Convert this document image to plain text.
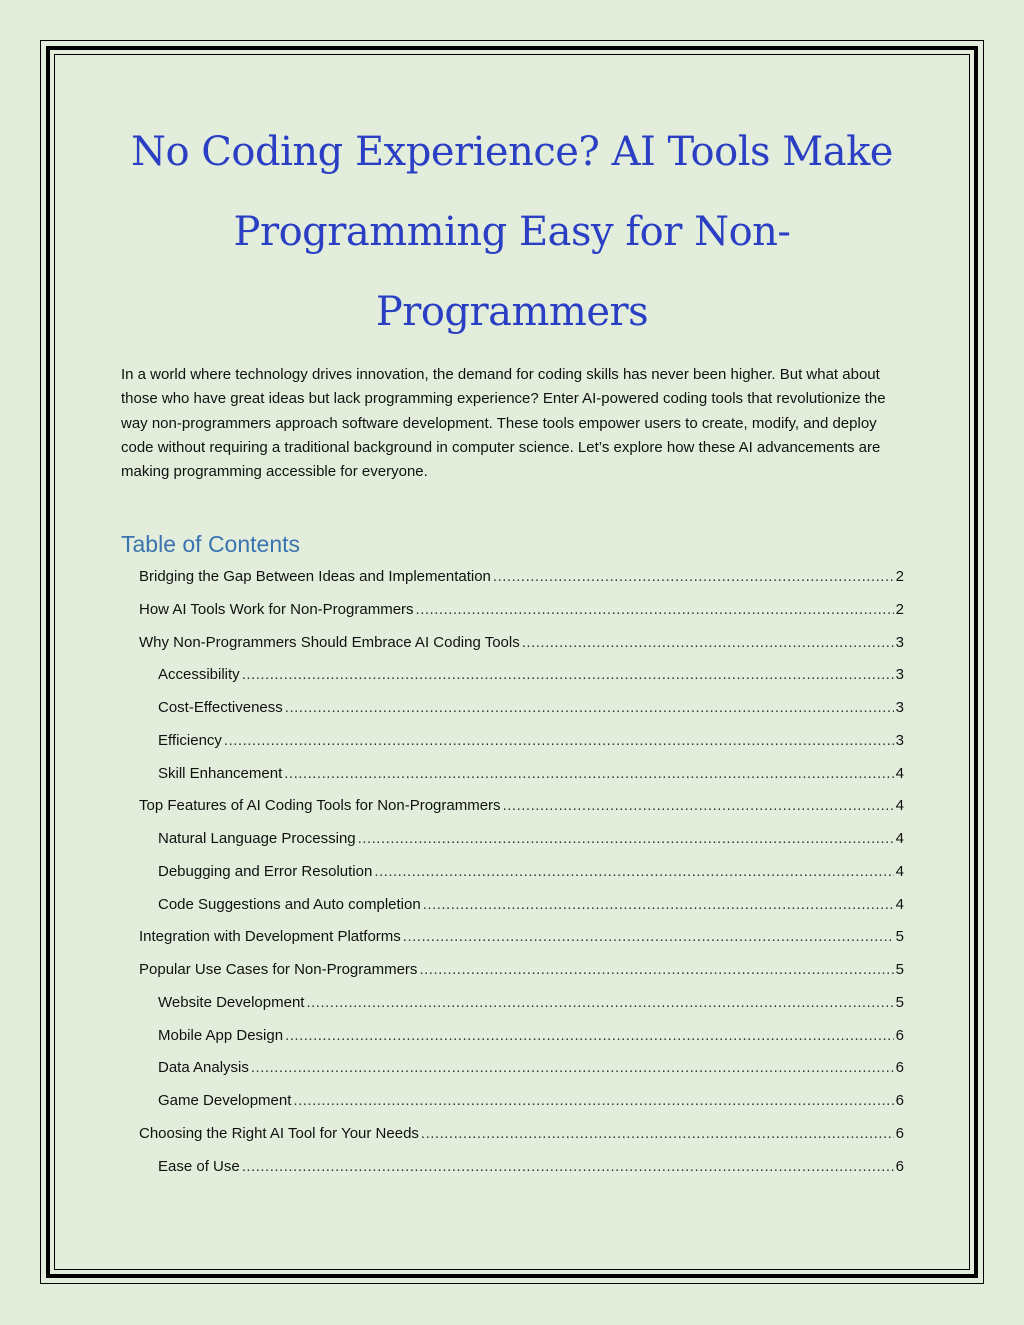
No Coding Experience? AI Tools Make Programming Easy for Non-Programmers

In a world where technology drives innovation, the demand for coding skills has never been higher. But what about those who have great ideas but lack programming experience? Enter AI-powered coding tools that revolutionize the way non-programmers approach software development. These tools empower users to create, modify, and deploy code without requiring a traditional background in computer science. Let’s explore how these AI advancements are making programming accessible for everyone.

Table of Contents
Bridging the Gap Between Ideas and Implementation .....	2
How AI Tools Work for Non-Programmers .....	2
Why Non-Programmers Should Embrace AI Coding Tools .....	3
Accessibility .....	3
Cost-Effectiveness .....	3
Efficiency .....	3
Skill Enhancement .....	4
Top Features of AI Coding Tools for Non-Programmers .....	4
Natural Language Processing .....	4
Debugging and Error Resolution .....	4
Code Suggestions and Auto completion .....	4
Integration with Development Platforms .....	5
Popular Use Cases for Non-Programmers .....	5
Website Development .....	5
Mobile App Design .....	6
Data Analysis .....	6
Game Development .....	6
Choosing the Right AI Tool for Your Needs .....	6
Ease of Use .....	6
